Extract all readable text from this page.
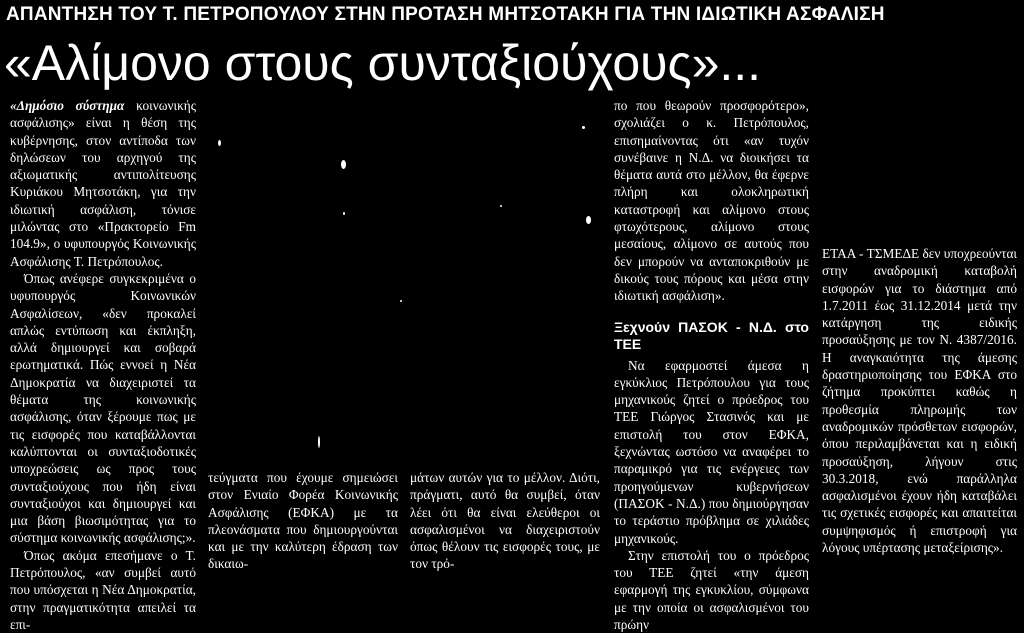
ΑΠΑΝΤΗΣΗ ΤΟΥ Τ. ΠΕΤΡΟΠΟΥΛΟΥ ΣΤΗΝ ΠΡΟΤΑΣΗ ΜΗΤΣΟΤΑΚΗ ΓΙΑ ΤΗΝ ΙΔΙΩΤΙΚΗ ΑΣΦΑΛΙΣΗ
«Αλίμονο στους συνταξιούχους»...

«Δημόσιο σύστημα κοινωνικής ασφάλισης» είναι η θέση της κυβέρνησης, στον αντίποδα των δηλώσεων του αρχηγού της αξιωματικής αντιπολίτευσης Κυριάκου Μητσοτάκη, για την ιδιωτική ασφάλιση, τόνισε μιλώντας στο «Πρακτορείο Fm 104.9», ο υφυπουργός Κοινωνικής Ασφάλισης Τ. Πετρόπουλος.

Όπως ανέφερε συγκεκριμένα ο υφυπουργός Κοινωνικών Ασφαλίσεων, «δεν προκαλεί απλώς εντύπωση και έκπληξη, αλλά δημιουργεί και σοβαρά ερωτηματικά. Πώς εννοεί η Νέα Δημοκρατία να διαχειριστεί τα θέματα της κοινωνικής ασφάλισης, όταν ξέρουμε πως με τις εισφορές που καταβάλλονται καλύπτονται οι συνταξιοδοτικές υποχρεώσεις ως προς τους συνταξιούχους που ήδη είναι συνταξιούχοι και δημιουργεί και μια βάση βιωσιμότητας για το σύστημα κοινωνικής ασφάλισης;».

Όπως ακόμα επεσήμανε ο Τ. Πετρόπουλος, «αν συμβεί αυτό που υπόσχεται η Νέα Δημοκρατία, στην πραγματικότητα απειλεί τα επι-

τεύγματα που έχουμε σημειώσει στον Ενιαίο Φορέα Κοινωνικής Ασφάλισης (ΕΦΚΑ) με τα πλεονάσματα που δημιουργούνται και με την καλύτερη έδραση των δικαιω-

μάτων αυτών για το μέλλον. Διότι, πράγματι, αυτό θα συμβεί, όταν λέει ότι θα είναι ελεύθεροι οι ασφαλισμένοι να διαχειριστούν όπως θέλουν τις εισφορές τους, με τον τρό-

πο που θεωρούν προσφορότερο», σχολιάζει ο κ. Πετρόπουλος, επισημαίνοντας ότι «αν τυχόν συνέβαινε η Ν.Δ. να διοικήσει τα θέματα αυτά στο μέλλον, θα έφερνε πλήρη και ολοκληρωτική καταστροφή και αλίμονο στους φτωχότερους, αλίμονο στους μεσαίους, αλίμονο σε αυτούς που δεν μπορούν να ανταποκριθούν με δικούς τους πόρους και μέσα στην ιδιωτική ασφάλιση».

Ξεχνούν ΠΑΣΟΚ - Ν.Δ. στο ΤΕΕ

Να εφαρμοστεί άμεσα η εγκύκλιος Πετρόπουλου για τους μηχανικούς ζητεί ο πρόεδρος του ΤΕΕ Γιώργος Στασινός και με επιστολή του στον ΕΦΚΑ, ξεχνώντας ωστόσο να αναφέρει το παραμικρό για τις ενέργειες των προηγούμενων κυβερνήσεων (ΠΑΣΟΚ - Ν.Δ.) που δημιούργησαν το τεράστιο πρόβλημα σε χιλιάδες μηχανικούς.

Στην επιστολή του ο πρόεδρος του ΤΕΕ ζητεί «την άμεση εφαρμογή της εγκυκλίου, σύμφωνα με την οποία οι ασφαλισμένοι του πρώην

ΕΤΑΑ - ΤΣΜΕΔΕ δεν υποχρεούνται στην αναδρομική καταβολή εισφορών για το διάστημα από 1.7.2011 έως 31.12.2014 μετά την κατάργηση της ειδικής προσαύξησης με τον Ν. 4387/2016. Η αναγκαιότητα της άμεσης δραστηριοποίησης του ΕΦΚΑ στο ζήτημα προκύπτει καθώς η προθεσμία πληρωμής των αναδρομικών πρόσθετων εισφορών, όπου περιλαμβάνεται και η ειδική προσαύξηση, λήγουν στις 30.3.2018, ενώ παράλληλα ασφαλισμένοι έχουν ήδη καταβάλει τις σχετικές εισφορές και απαιτείται συμψηφισμός ή επιστροφή για λόγους υπέρτασης μεταξείρισης».
